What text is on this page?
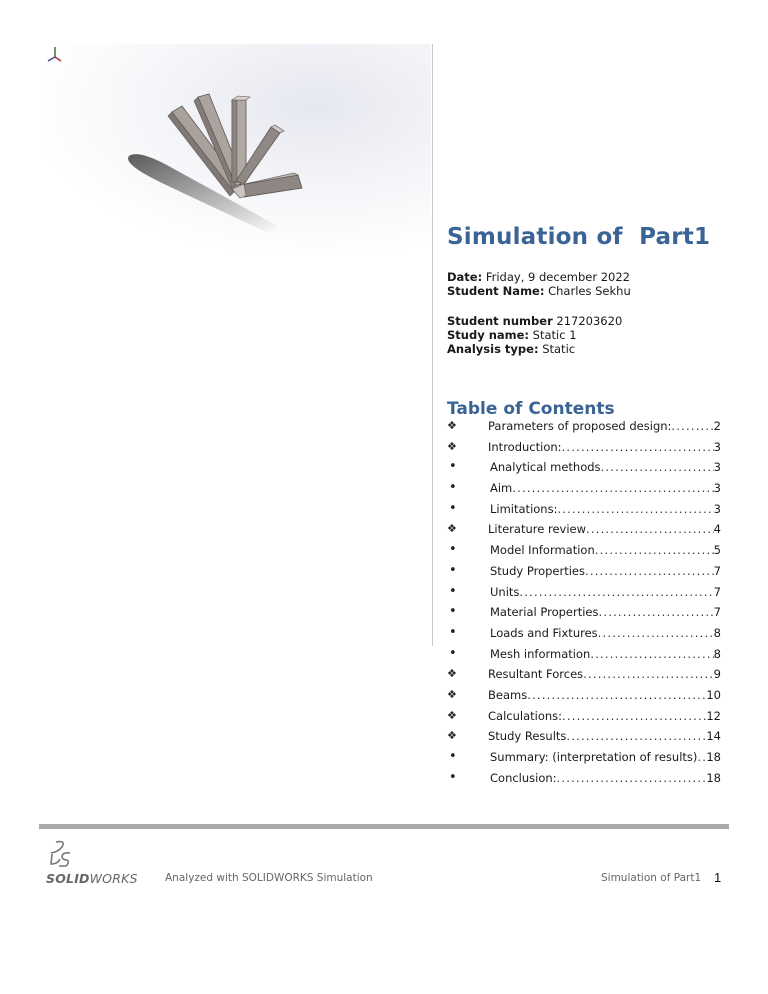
Simulation of  Part1
Date: Friday, 9 december 2022
Student Name: Charles Sekhu
Student number 217203620
Study name: Static 1
Analysis type: Static
Table of Contents
❖	Parameters of proposed design: .....	2
❖	Introduction: .....	3
•	Analytical methods .....	3
•	Aim .....	3
•	Limitations: .....	3
❖	Literature review .....	4
•	Model Information .....	5
•	Study Properties .....	7
•	Units .....	7
•	Material Properties .....	7
•	Loads and Fixtures .....	8
•	Mesh information .....	8
❖	Resultant Forces .....	9
❖	Beams .....	10
❖	Calculations: .....	12
❖	Study Results .....	14
•	Summary: (interpretation of results) ..... 18
•	Conclusion: .....	18
SOLIDWORKS	Analyzed with SOLIDWORKS Simulation	Simulation of Part1 1
